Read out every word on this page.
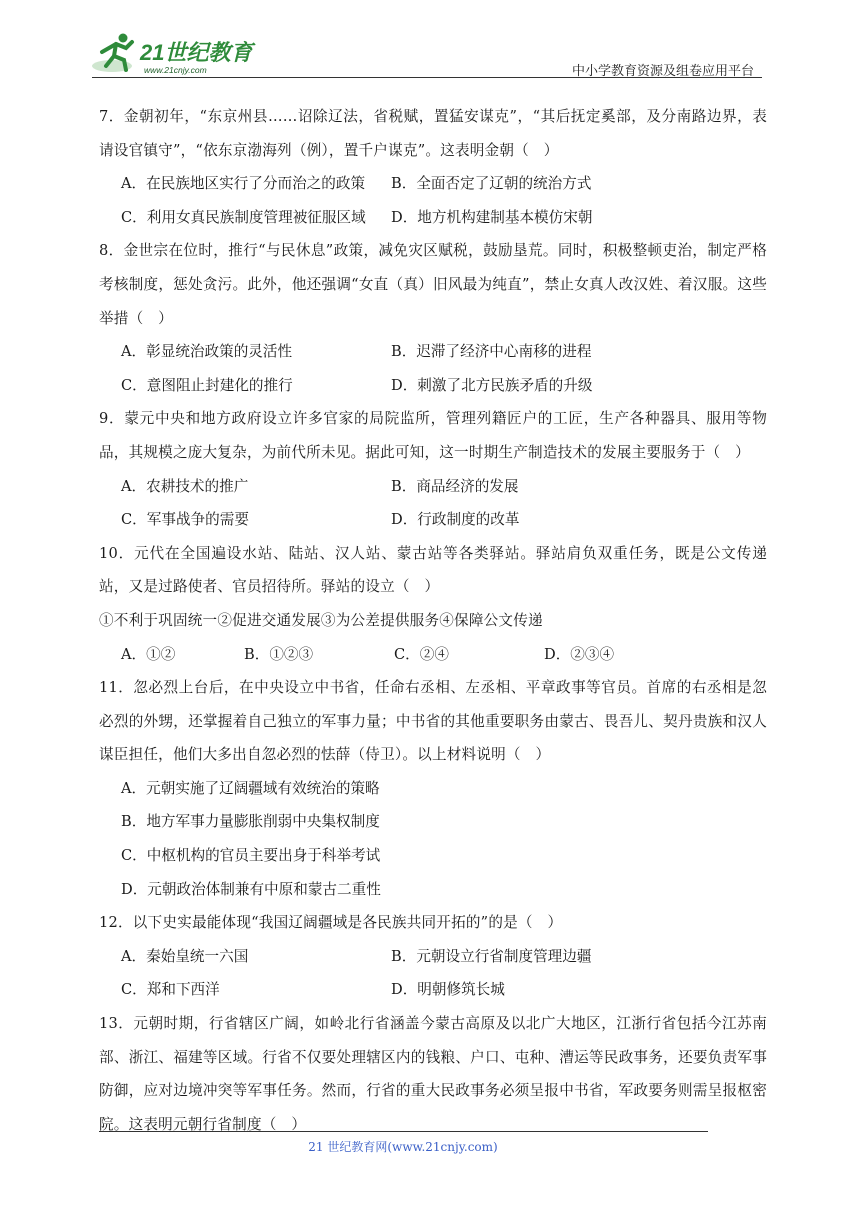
21世纪教育
www.21cnjy.com	中小学教育资源及组卷应用平台

7．金朝初年，“东京州县……诏除辽法，省税赋，置猛安谋克”，“其后抚定奚部，及分南路边界，表请设官镇守”，“依东京渤海列（例），置千户谋克”。这表明金朝（　）

A．在民族地区实行了分而治之的政策	B．全面否定了辽朝的统治方式
C．利用女真民族制度管理被征服区域	D．地方机构建制基本模仿宋朝

8．金世宗在位时，推行“与民休息”政策，减免灾区赋税，鼓励垦荒。同时，积极整顿吏治，制定严格考核制度，惩处贪污。此外，他还强调“女直（真）旧风最为纯直”，禁止女真人改汉姓、着汉服。这些举措（　）

A．彰显统治政策的灵活性	B．迟滞了经济中心南移的进程
C．意图阻止封建化的推行	D．刺激了北方民族矛盾的升级

9．蒙元中央和地方政府设立许多官家的局院监所，管理列籍匠户的工匠，生产各种器具、服用等物品，其规模之庞大复杂，为前代所未见。据此可知，这一时期生产制造技术的发展主要服务于（　）

A．农耕技术的推广	B．商品经济的发展
C．军事战争的需要	D．行政制度的改革

10．元代在全国遍设水站、陆站、汉人站、蒙古站等各类驿站。驿站肩负双重任务，既是公文传递站，又是过路使者、官员招待所。驿站的设立（　）

①不利于巩固统一②促进交通发展③为公差提供服务④保障公文传递

A．①②	B．①②③	C．②④	D．②③④

11．忽必烈上台后，在中央设立中书省，任命右丞相、左丞相、平章政事等官员。首席的右丞相是忽必烈的外甥，还掌握着自己独立的军事力量；中书省的其他重要职务由蒙古、畏吾儿、契丹贵族和汉人谋臣担任，他们大多出自忽必烈的怯薛（侍卫）。以上材料说明（　）

A．元朝实施了辽阔疆域有效统治的策略
B．地方军事力量膨胀削弱中央集权制度
C．中枢机构的官员主要出身于科举考试
D．元朝政治体制兼有中原和蒙古二重性

12．以下史实最能体现“我国辽阔疆域是各民族共同开拓的”的是（　）

A．秦始皇统一六国	B．元朝设立行省制度管理边疆
C．郑和下西洋	D．明朝修筑长城

13．元朝时期，行省辖区广阔，如岭北行省涵盖今蒙古高原及以北广大地区，江浙行省包括今江苏南部、浙江、福建等区域。行省不仅要处理辖区内的钱粮、户口、屯种、漕运等民政事务，还要负责军事防御，应对边境冲突等军事任务。然而，行省的重大民政事务必须呈报中书省，军政要务则需呈报枢密院。这表明元朝行省制度（　）

21 世纪教育网(www.21cnjy.com)
